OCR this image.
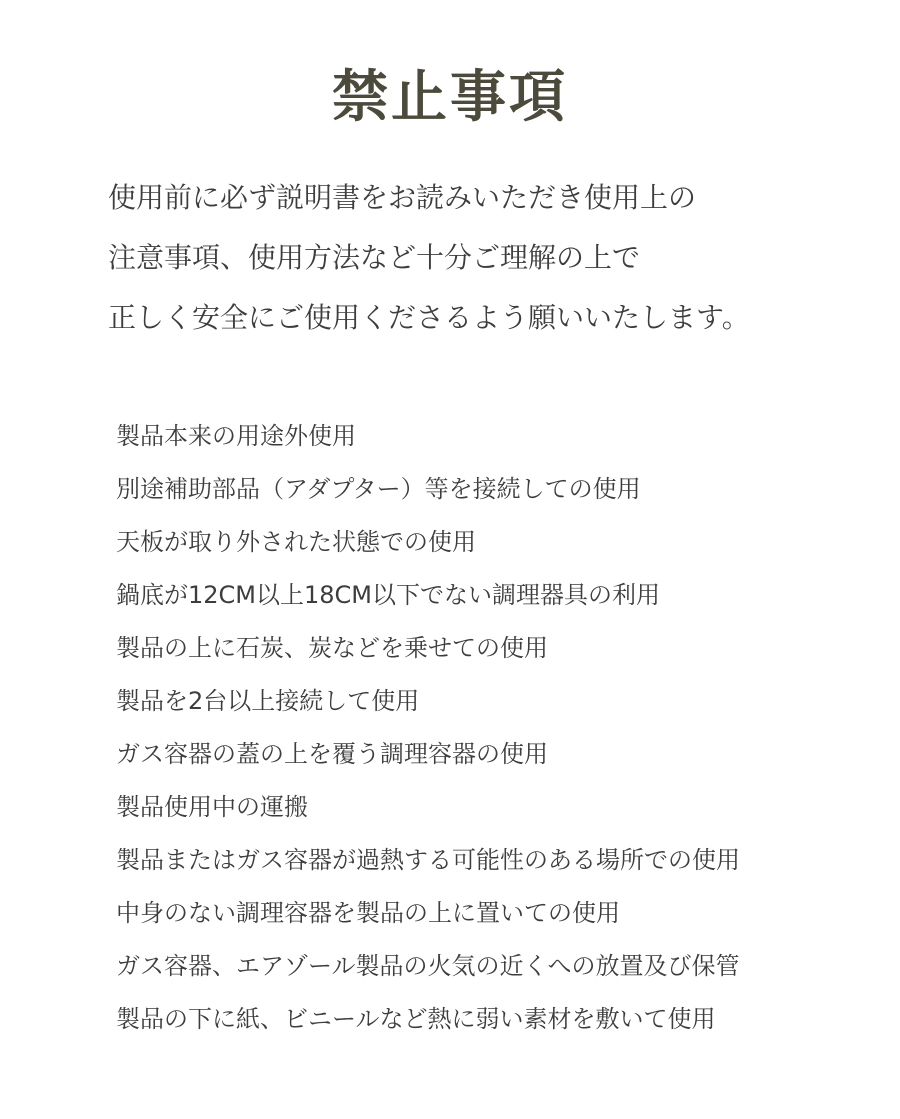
禁止事項
使用前に必ず説明書をお読みいただき使用上の
注意事項、使用方法など十分ご理解の上で
正しく安全にご使用くださるよう願いいたします。
製品本来の用途外使用
別途補助部品（アダプター）等を接続しての使用
天板が取り外された状態での使用
鍋底が12CM以上18CM以下でない調理器具の利用
製品の上に石炭、炭などを乗せての使用
製品を2台以上接続して使用
ガス容器の蓋の上を覆う調理容器の使用
製品使用中の運搬
製品またはガス容器が過熱する可能性のある場所での使用
中身のない調理容器を製品の上に置いての使用
ガス容器、エアゾール製品の火気の近くへの放置及び保管
製品の下に紙、ビニールなど熱に弱い素材を敷いて使用
